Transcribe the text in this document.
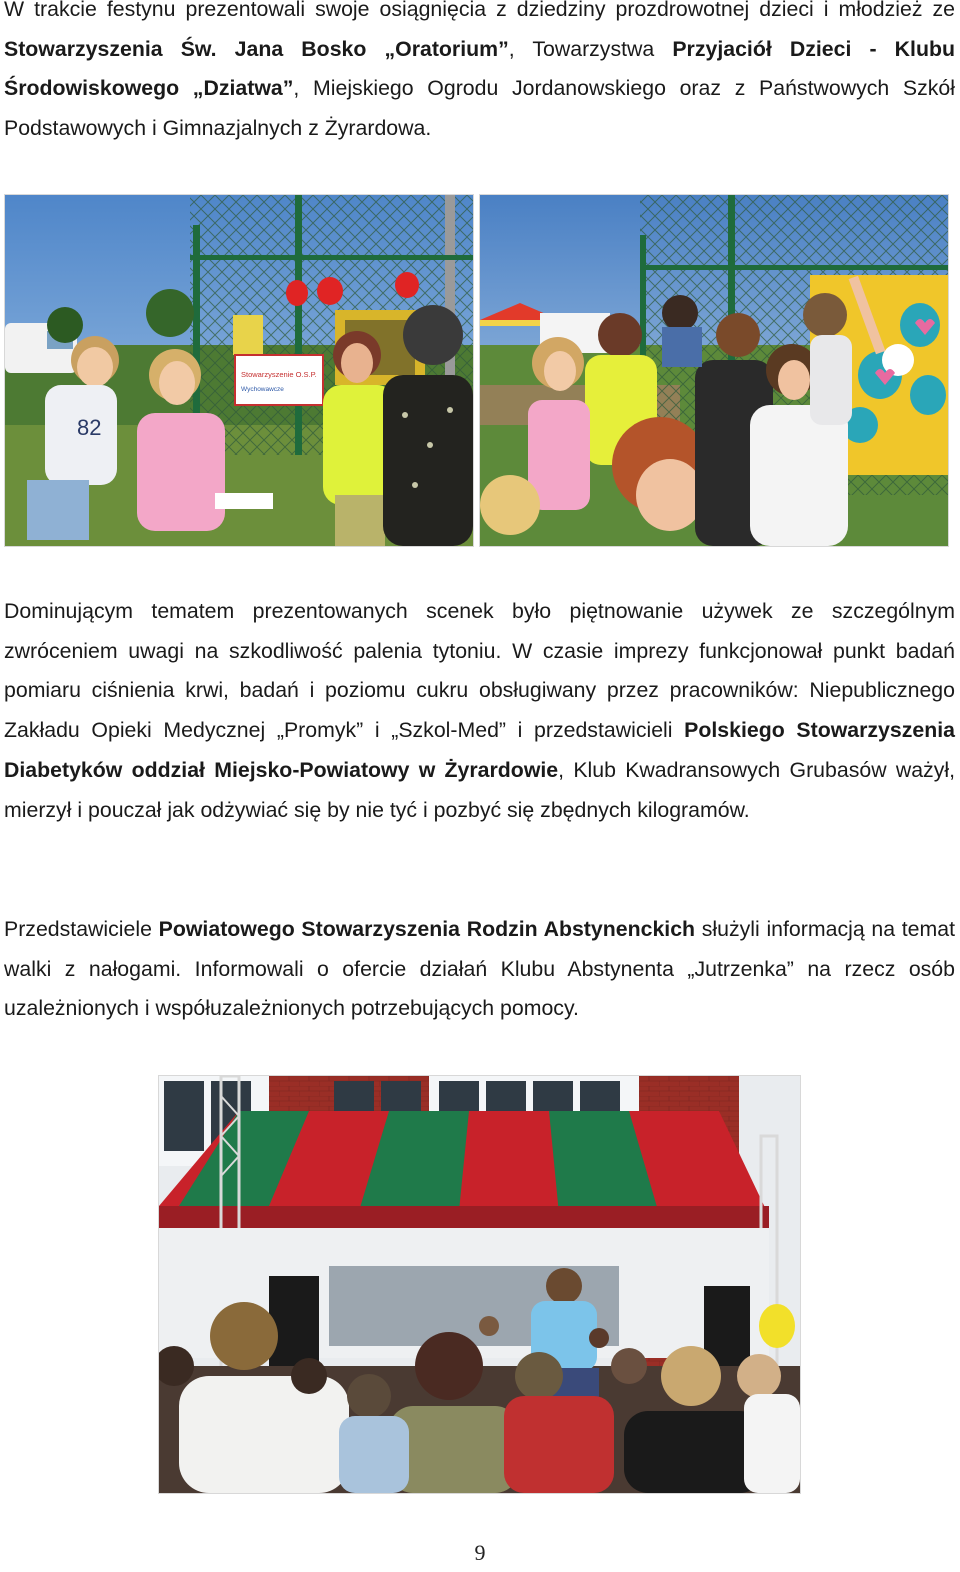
W trakcie festynu prezentowali swoje osiągnięcia z dziedziny prozdrowotnej dzieci i młodzież ze Stowarzyszenia Św. Jana Bosko „Oratorium”, Towarzystwa Przyjaciół Dzieci - Klubu Środowiskowego „Dziatwa”, Miejskiego Ogrodu Jordanowskiego oraz z Państwowych Szkół Podstawowych i Gimnazjalnych z Żyrardowa.

Stowarzyszenie O.S.P.
Wychowawcze
82

Dominującym tematem prezentowanych scenek było piętnowanie używek ze szczególnym zwróceniem uwagi na szkodliwość palenia tytoniu. W czasie imprezy funkcjonował punkt badań pomiaru ciśnienia krwi, badań i poziomu cukru obsługiwany przez pracowników: Niepublicznego Zakładu Opieki Medycznej „Promyk” i „Szkol-Med” i przedstawicieli Polskiego Stowarzyszenia Diabetyków oddział Miejsko-Powiatowy w Żyrardowie, Klub Kwadransowych Grubasów ważył, mierzył i pouczał jak odżywiać się by nie tyć i pozbyć się zbędnych kilogramów.

Przedstawiciele Powiatowego Stowarzyszenia Rodzin Abstynenckich służyli informacją na temat walki z nałogami. Informowali o ofercie działań Klubu Abstynenta „Jutrzenka” na rzecz osób uzależnionych i współuzależnionych potrzebujących pomocy.

9
